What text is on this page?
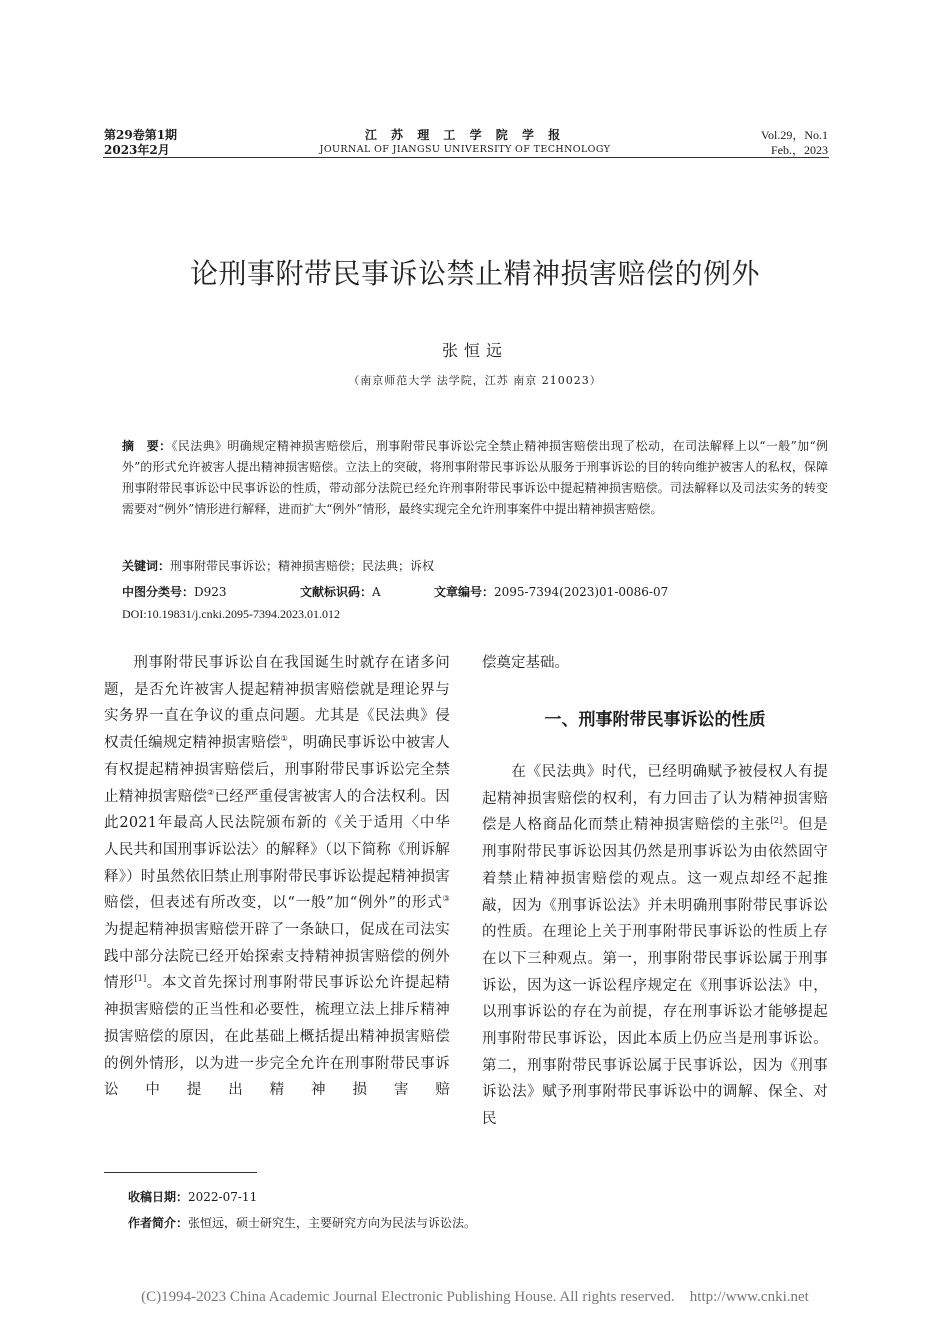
第29卷第1期
2023年2月
江 苏 理 工 学 院 学 报
JOURNAL OF JIANGSU UNIVERSITY OF TECHNOLOGY
Vol.29，No.1
Feb.，2023
论刑事附带民事诉讼禁止精神损害赔偿的例外
张恒远
（南京师范大学 法学院，江苏 南京 210023）
摘　要：《民法典》明确规定精神损害赔偿后，刑事附带民事诉讼完全禁止精神损害赔偿出现了松动，在司法解释上以“一般”加“例外”的形式允许被害人提出精神损害赔偿。立法上的突破，将刑事附带民事诉讼从服务于刑事诉讼的目的转向维护被害人的私权，保障刑事附带民事诉讼中民事诉讼的性质，带动部分法院已经允许刑事附带民事诉讼中提起精神损害赔偿。司法解释以及司法实务的转变需要对“例外”情形进行解释，进而扩大“例外”情形，最终实现完全允许刑事案件中提出精神损害赔偿。
关键词：刑事附带民事诉讼；精神损害赔偿；民法典；诉权
中图分类号：D923	文献标识码：A	文章编号：2095-7394(2023)01-0086-07
DOI:10.19831/j.cnki.2095-7394.2023.01.012
刑事附带民事诉讼自在我国诞生时就存在诸多问题，是否允许被害人提起精神损害赔偿就是理论界与实务界一直在争议的重点问题。尤其是《民法典》侵权责任编规定精神损害赔偿①，明确民事诉讼中被害人有权提起精神损害赔偿后，刑事附带民事诉讼完全禁止精神损害赔偿②已经严重侵害被害人的合法权利。因此2021年最高人民法院颁布新的《关于适用〈中华人民共和国刑事诉讼法〉的解释》（以下简称《刑诉解释》）时虽然依旧禁止刑事附带民事诉讼提起精神损害赔偿，但表述有所改变，以“一般”加“例外”的形式③为提起精神损害赔偿开辟了一条缺口，促成在司法实践中部分法院已经开始探索支持精神损害赔偿的例外情形[1]。本文首先探讨刑事附带民事诉讼允许提起精神损害赔偿的正当性和必要性，梳理立法上排斥精神损害赔偿的原因，在此基础上概括提出精神损害赔偿的例外情形，以为进一步完全允许在刑事附带民事诉讼中提出精神损害赔
偿奠定基础。
一、刑事附带民事诉讼的性质
在《民法典》时代，已经明确赋予被侵权人有提起精神损害赔偿的权利，有力回击了认为精神损害赔偿是人格商品化而禁止精神损害赔偿的主张[2]。但是刑事附带民事诉讼因其仍然是刑事诉讼为由依然固守着禁止精神损害赔偿的观点。这一观点却经不起推敲，因为《刑事诉讼法》并未明确刑事附带民事诉讼的性质。在理论上关于刑事附带民事诉讼的性质上存在以下三种观点。第一，刑事附带民事诉讼属于刑事诉讼，因为这一诉讼程序规定在《刑事诉讼法》中，以刑事诉讼的存在为前提，存在刑事诉讼才能够提起刑事附带民事诉讼，因此本质上仍应当是刑事诉讼。第二，刑事附带民事诉讼属于民事诉讼，因为《刑事诉讼法》赋予刑事附带民事诉讼中的调解、保全、对民
收稿日期：2022-07-11
作者简介：张恒远，硕士研究生，主要研究方向为民法与诉讼法。
(C)1994-2023 China Academic Journal Electronic Publishing House. All rights reserved.    http://www.cnki.net
